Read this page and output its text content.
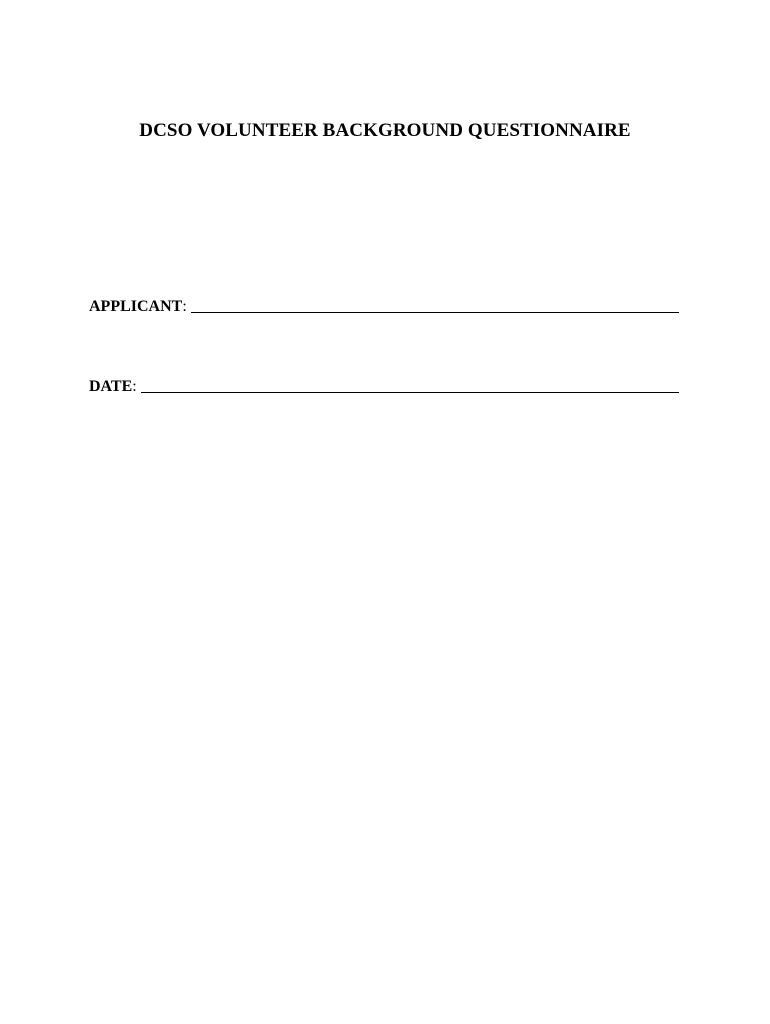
DCSO VOLUNTEER BACKGROUND QUESTIONNAIRE
APPLICANT :
DATE :
